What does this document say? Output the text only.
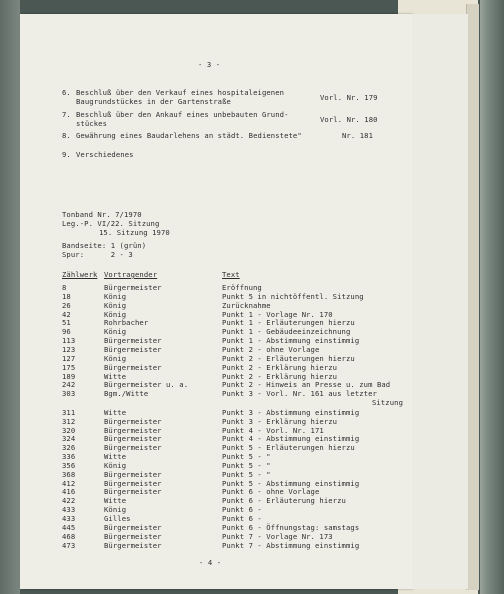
- 3 -
6. Beschluß über den Verkauf eines hospitaleigenen
Baugrundstückes in der Gartenstraße	Vorl. Nr. 179
7. Beschluß über den Ankauf eines unbebauten Grund-
stückes	Vorl. Nr. 180
8. Gewährung eines Baudarlehens an städt. Bedienstete"	Nr. 181
9. Verschiedenes
Tonband Nr. 7/1970
Leg.-P. VI/22. Sitzung
15. Sitzung 1970
Bandseite: 1 (grün)
Spur:      2 - 3
Zählwerk Vortragender	Text
8	Bürgermeister	Eröffnung
18	König	Punkt 5 in nichtöffentl. Sitzung
26	König	Zurücknahme
42	König	Punkt 1 - Vorlage Nr. 170
51	Rohrbacher	Punkt 1 - Erläuterungen hierzu
96	König	Punkt 1 - Gebäudeeinzeichnung
113	Bürgermeister	Punkt 1 - Abstimmung einstimmig
123	Bürgermeister	Punkt 2 - ohne Vorlage
127	König	Punkt 2 - Erläuterungen hierzu
175	Bürgermeister	Punkt 2 - Erklärung hierzu
189	Witte	Punkt 2 - Erklärung hierzu
242	Bürgermeister u. a.	Punkt 2 - Hinweis an Presse u. zum Bad
303	Bgm./Witte	Punkt 3 - Vorl. Nr. 161 aus letzter
Sitzung
311	Witte	Punkt 3 - Abstimmung einstimmig
312	Bürgermeister	Punkt 3 - Erklärung hierzu
320	Bürgermeister	Punkt 4 - Vorl. Nr. 171
324	Bürgermeister	Punkt 4 - Abstimmung einstimmig
326	Bürgermeister	Punkt 5 - Erläuterungen hierzu
336	Witte	Punkt 5 - "
356	König	Punkt 5 - "
368	Bürgermeister	Punkt 5 - "
412	Bürgermeister	Punkt 5 - Abstimmung einstimmig
416	Bürgermeister	Punkt 6 - ohne Vorlage
422	Witte	Punkt 6 - Erläuterung hierzu
433	König	Punkt 6 -
433	Gilles	Punkt 6 -
445	Bürgermeister	Punkt 6 - Öffnungstag: samstags
468	Bürgermeister	Punkt 7 - Vorlage Nr. 173
473	Bürgermeister	Punkt 7 - Abstimmung einstimmig
- 4 -
